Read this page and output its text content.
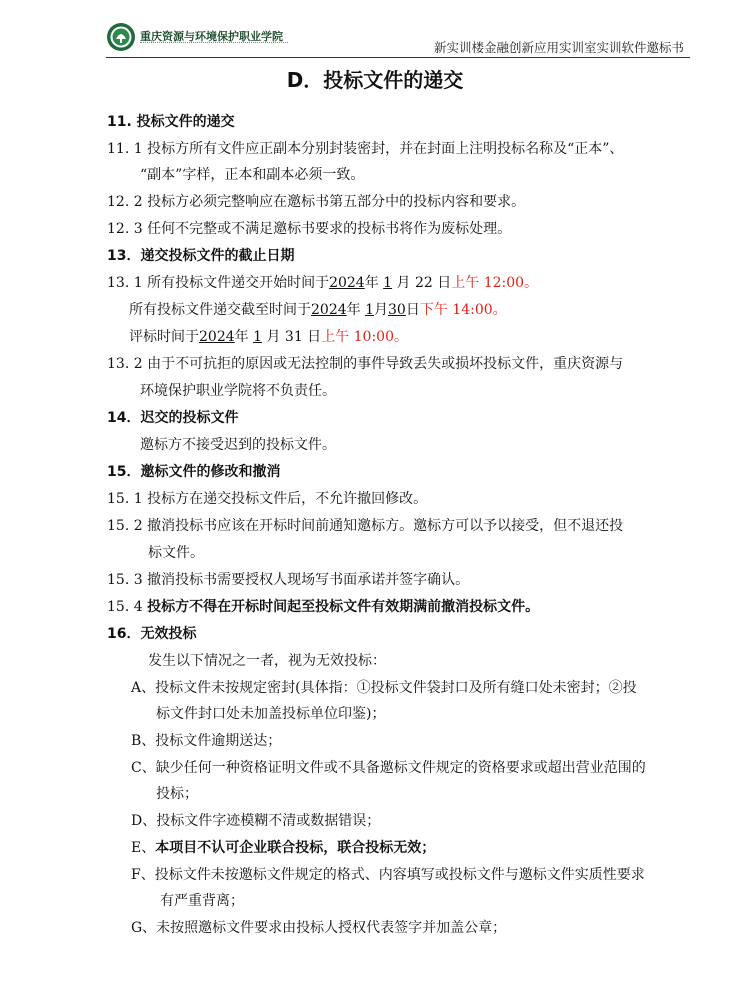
重庆资源与环境保护职业学院
新实训楼金融创新应用实训室实训软件邀标书
D．投标文件的递交
11. 投标文件的递交
11. 1 投标方所有文件应正副本分别封装密封，并在封面上注明投标名称及“正本”、
“副本”字样，正本和副本必须一致。
12. 2 投标方必须完整响应在邀标书第五部分中的投标内容和要求。
12. 3 任何不完整或不满足邀标书要求的投标书将作为废标处理。
13．递交投标文件的截止日期
13. 1 所有投标文件递交开始时间于2024年 1 月 22 日上午 12:00。
所有投标文件递交截至时间于2024年 1月30日下午 14:00。
评标时间于2024年 1 月 31 日上午 10:00。
13. 2 由于不可抗拒的原因或无法控制的事件导致丢失或损坏投标文件，重庆资源与
环境保护职业学院将不负责任。
14．迟交的投标文件
邀标方不接受迟到的投标文件。
15．邀标文件的修改和撤消
15. 1 投标方在递交投标文件后，不允许撤回修改。
15. 2 撤消投标书应该在开标时间前通知邀标方。邀标方可以予以接受，但不退还投
标文件。
15. 3 撤消投标书需要授权人现场写书面承诺并签字确认。
15. 4 投标方不得在开标时间起至投标文件有效期满前撤消投标文件。
16．无效投标
发生以下情况之一者，视为无效投标：
A、投标文件未按规定密封(具体指：①投标文件袋封口及所有缝口处未密封；②投
标文件封口处未加盖投标单位印鉴)；
B、投标文件逾期送达；
C、缺少任何一种资格证明文件或不具备邀标文件规定的资格要求或超出营业范围的
投标；
D、投标文件字迹模糊不清或数据错误；
E、本项目不认可企业联合投标，联合投标无效；
F、投标文件未按邀标文件规定的格式、内容填写或投标文件与邀标文件实质性要求
有严重背离；
G、未按照邀标文件要求由投标人授权代表签字并加盖公章；
